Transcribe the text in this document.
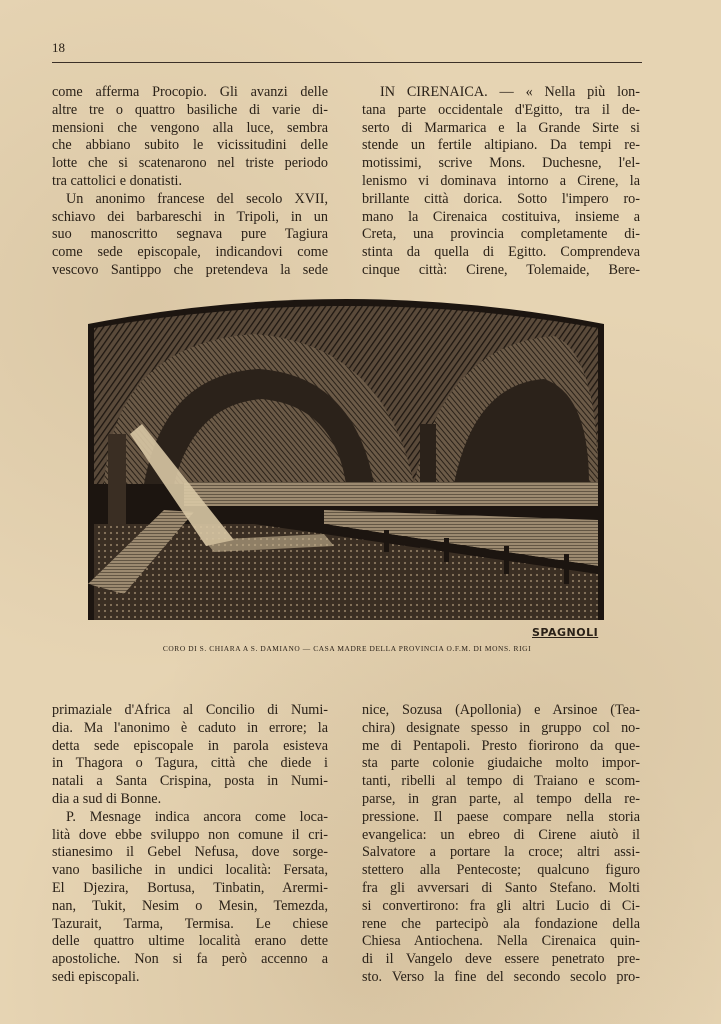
18
come afferma Procopio. Gli avanzi delle
altre tre o quattro basiliche di varie di-
mensioni che vengono alla luce, sembra
che abbiano subito le vicissitudini delle
lotte che si scatenarono nel triste periodo
tra cattolici e donatisti.
Un anonimo francese del secolo XVII,
schiavo dei barbareschi in Tripoli, in un
suo manoscritto segnava pure Tagiura
come sede episcopale, indicandovi come
vescovo Santippo che pretendeva la sede
IN CIRENAICA. — « Nella più lon-
tana parte occidentale d'Egitto, tra il de-
serto di Marmarica e la Grande Sirte si
stende un fertile altipiano. Da tempi re-
motissimi, scrive Mons. Duchesne, l'el-
lenismo vi dominava intorno a Cirene, la
brillante città dorica. Sotto l'impero ro-
mano la Cirenaica costituiva, insieme a
Creta, una provincia completamente di-
stinta da quella di Egitto. Comprendeva
cinque città: Cirene, Tolemaide, Bere-
SPAGNOLI
CORO DI S. CHIARA A S. DAMIANO — CASA MADRE DELLA PROVINCIA O.F.M. DI MONS. RIGI
primaziale d'Africa al Concilio di Numi-
dia. Ma l'anonimo è caduto in errore; la
detta sede episcopale in parola esisteva
in Thagora o Tagura, città che diede i
natali a Santa Crispina, posta in Numi-
dia a sud di Bonne.
P. Mesnage indica ancora come loca-
lità dove ebbe sviluppo non comune il cri-
stianesimo il Gebel Nefusa, dove sorge-
vano basiliche in undici località: Fersata,
El Djezira, Bortusa, Tinbatin, Arermi-
nan, Tukit, Nesim o Mesin, Temezda,
Tazurait, Tarma, Termisa. Le chiese
delle quattro ultime località erano dette
apostoliche. Non si fa però accenno a
sedi episcopali.
nice, Sozusa (Apollonia) e Arsinoe (Tea-
chira) designate spesso in gruppo col no-
me di Pentapoli. Presto fiorirono da que-
sta parte colonie giudaiche molto impor-
tanti, ribelli al tempo di Traiano e scom-
parse, in gran parte, al tempo della re-
pressione. Il paese compare nella storia
evangelica: un ebreo di Cirene aiutò il
Salvatore a portare la croce; altri assi-
stettero alla Pentecoste; qualcuno figuro
fra gli avversari di Santo Stefano. Molti
si convertirono: fra gli altri Lucio di Ci-
rene che partecipò ala fondazione della
Chiesa Antiochena. Nella Cirenaica quin-
di il Vangelo deve essere penetrato pre-
sto. Verso la fine del secondo secolo pro-
